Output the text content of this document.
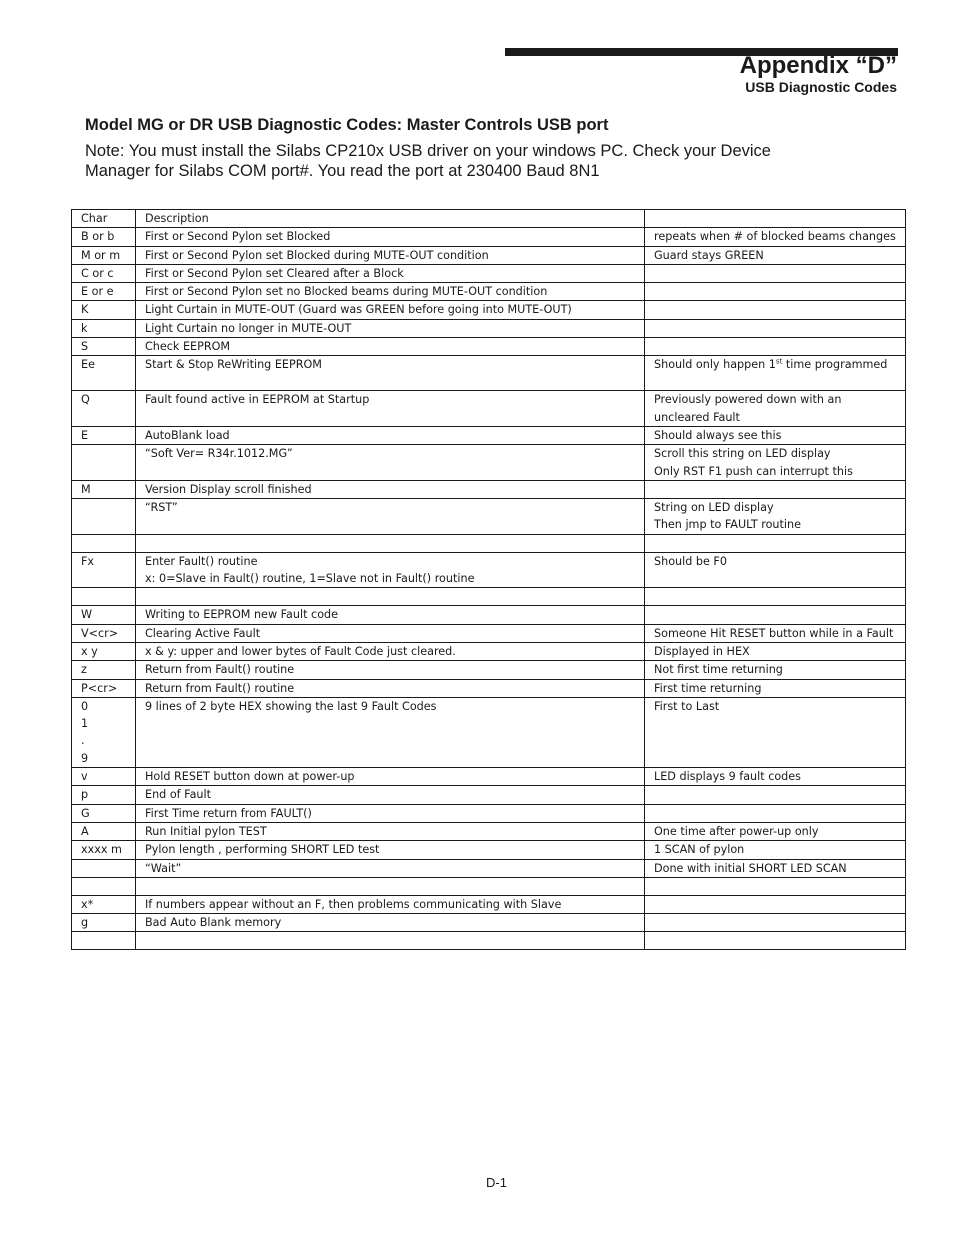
Appendix “D”
USB Diagnostic Codes
Model MG or DR USB Diagnostic Codes: Master Controls USB port

Note: You must install the Silabs CP210x USB driver on your windows PC. Check your Device

Manager for Silabs COM port#. You read the port at 230400 Baud 8N1

Char	Description	

B or b	First or Second Pylon set Blocked	repeats when # of blocked beams changes

M or m	First or Second Pylon set Blocked during MUTE-OUT condition	Guard stays GREEN

C or c	First or Second Pylon set Cleared after a Block	

E or e	First or Second Pylon set no Blocked beams during MUTE-OUT condition	

K	Light Curtain in MUTE-OUT (Guard was GREEN before going into MUTE-OUT)	

k	Light Curtain no longer in MUTE-OUT	

S	Check EEPROM	

Ee	Start & Stop ReWriting EEPROM	Should only happen 1st time programmed

Q	Fault found active in EEPROM at Startup	Previously powered down with an
uncleared Fault

E	AutoBlank load	Should always see this

	“Soft Ver= R34r.1012.MG”	Scroll this string on LED display
Only RST F1 push can interrupt this

M	Version Display scroll finished	

	“RST”	String on LED display
Then jmp to FAULT routine

Fx	Enter Fault() routine
x: 0=Slave in Fault() routine, 1=Slave not in Fault() routine	Should be F0

W	Writing to EEPROM new Fault code	

V<cr>	Clearing Active Fault	Someone Hit RESET button while in a Fault

x y	x & y: upper and lower bytes of Fault Code just cleared.	Displayed in HEX

z	Return from Fault() routine	Not first time returning

P<cr>	Return from Fault() routine	First time returning

0
1
.
9	9 lines of 2 byte HEX showing the last 9 Fault Codes	First to Last

v	Hold RESET button down at power-up	LED displays 9 fault codes

p	End of Fault	

G	First Time return from FAULT()	

A	Run Initial pylon TEST	One time after power-up only

xxxx m	Pylon length , performing SHORT LED test	1 SCAN of pylon

	“Wait”	Done with initial SHORT LED SCAN

x*	If numbers appear without an F, then problems communicating with Slave	

g	Bad Auto Blank memory	

D-1
